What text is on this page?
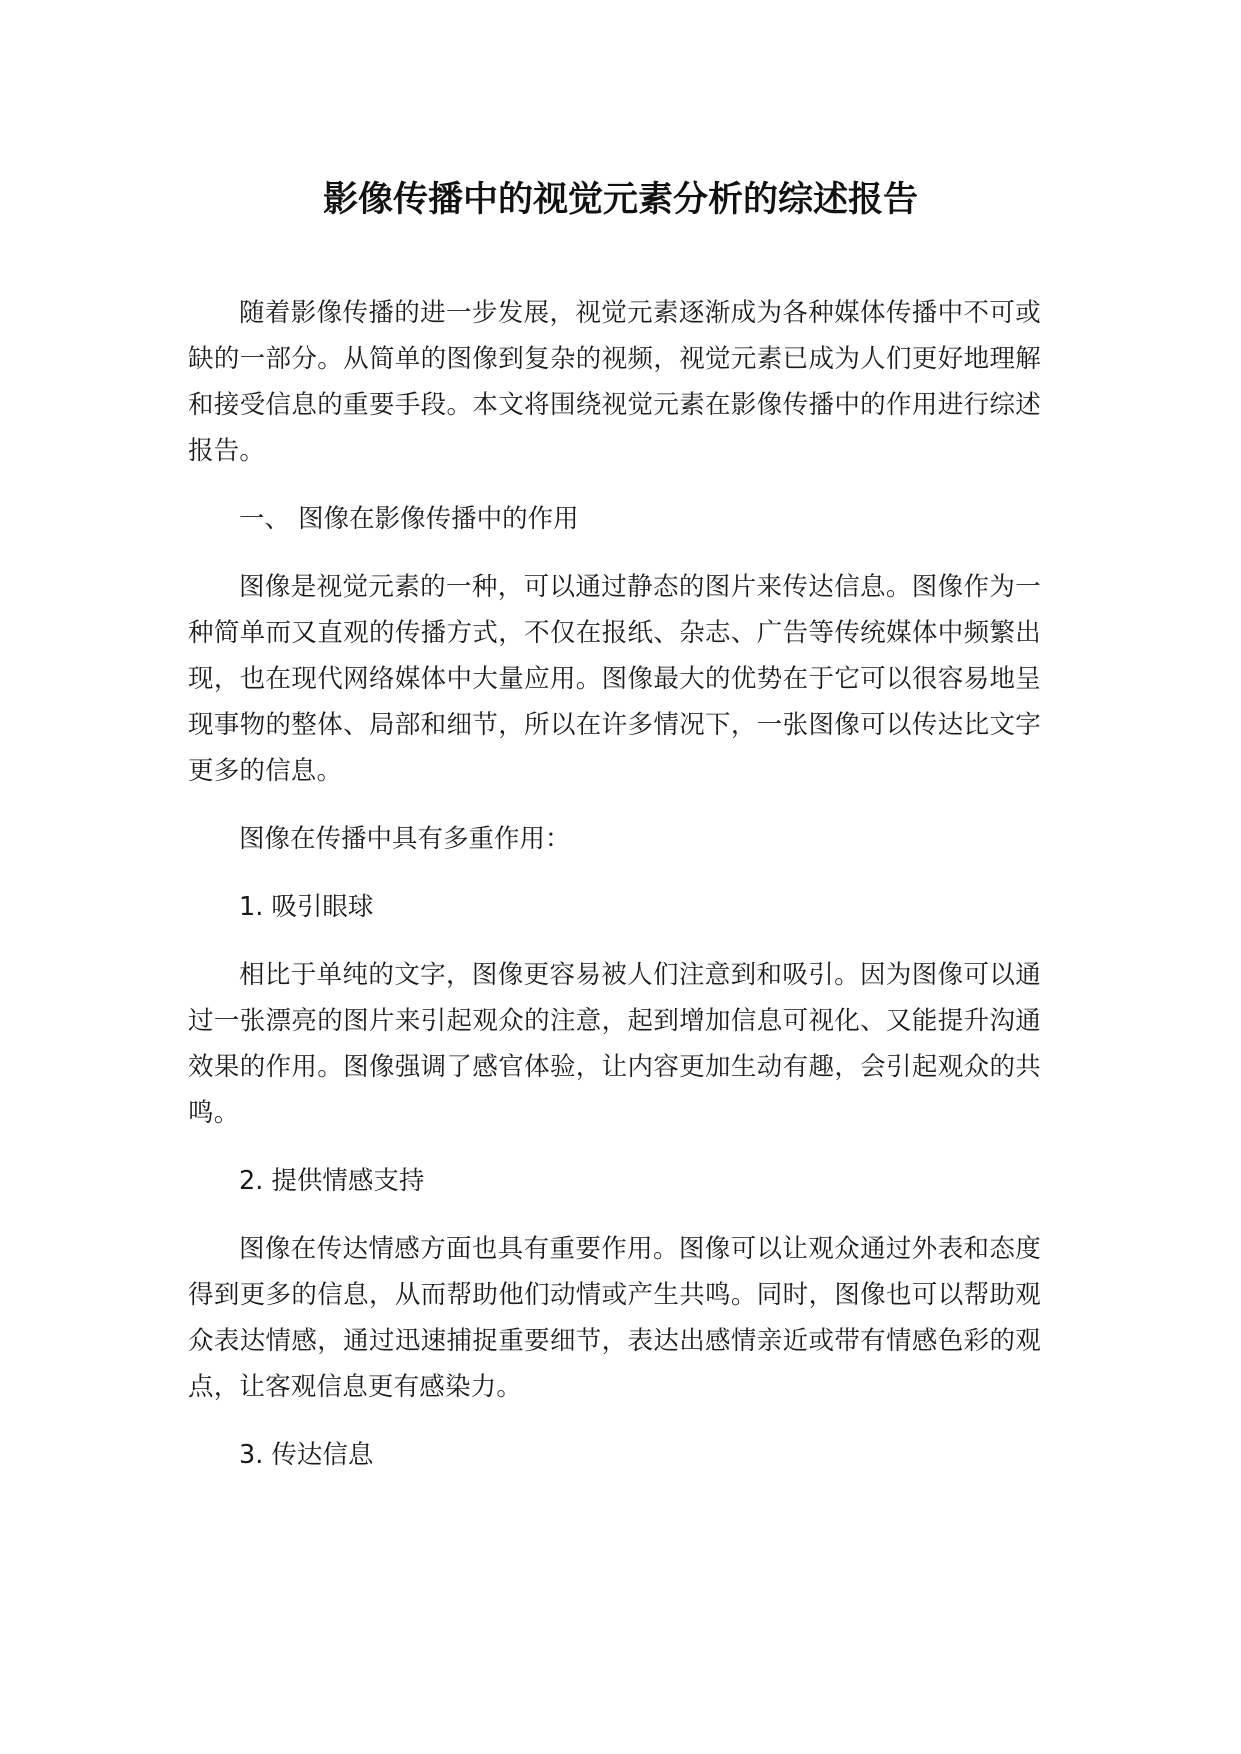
影像传播中的视觉元素分析的综述报告

随着影像传播的进一步发展，视觉元素逐渐成为各种媒体传播中不可或缺的一部分。从简单的图像到复杂的视频，视觉元素已成为人们更好地理解和接受信息的重要手段。本文将围绕视觉元素在影像传播中的作用进行综述报告。

一、 图像在影像传播中的作用

图像是视觉元素的一种，可以通过静态的图片来传达信息。图像作为一种简单而又直观的传播方式，不仅在报纸、杂志、广告等传统媒体中频繁出现，也在现代网络媒体中大量应用。图像最大的优势在于它可以很容易地呈现事物的整体、局部和细节，所以在许多情况下，一张图像可以传达比文字更多的信息。

图像在传播中具有多重作用：

1. 吸引眼球

相比于单纯的文字，图像更容易被人们注意到和吸引。因为图像可以通过一张漂亮的图片来引起观众的注意，起到增加信息可视化、又能提升沟通效果的作用。图像强调了感官体验，让内容更加生动有趣，会引起观众的共鸣。

2. 提供情感支持

图像在传达情感方面也具有重要作用。图像可以让观众通过外表和态度得到更多的信息，从而帮助他们动情或产生共鸣。同时，图像也可以帮助观众表达情感，通过迅速捕捉重要细节，表达出感情亲近或带有情感色彩的观点，让客观信息更有感染力。

3. 传达信息
